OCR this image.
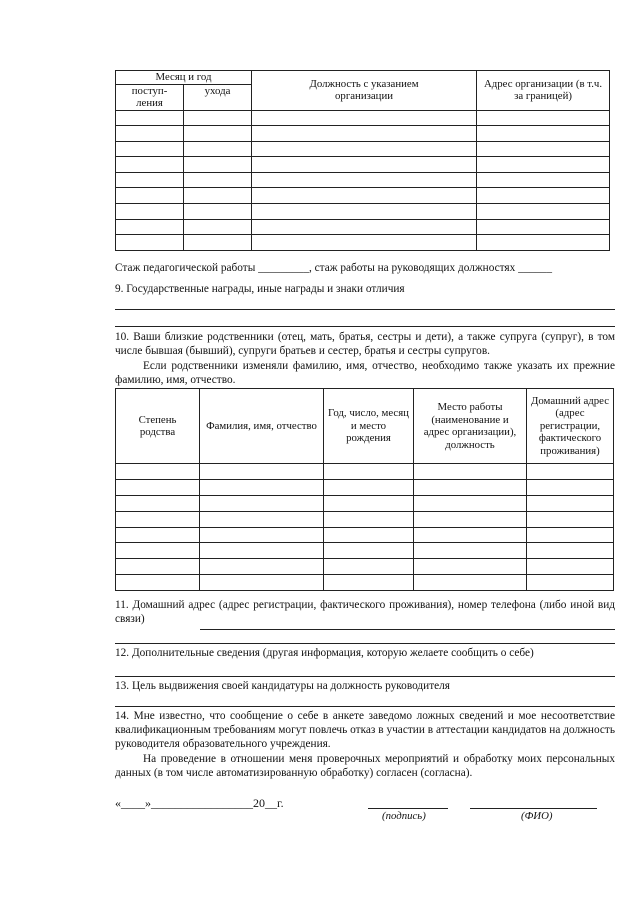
Месяц и год		Должность с указанием организации	Адрес организации (в т.ч. за границей)
поступ-ления	ухода		

Стаж педагогической работы _________, стаж работы на руководящих должностях ______
9. Государственные награды, иные награды и знаки отличия
10. Ваши близкие родственники (отец, мать, братья, сестры и дети), а также супруга (супруг), в том числе бывшая (бывший), супруги братьев и сестер, братья и сестры супругов.
Если родственники изменяли фамилию, имя, отчество, необходимо также указать их прежние фамилию, имя, отчество.
Степень родства	Фамилия, имя, отчество	Год, число, месяц и место рождения	Место работы (наименование и адрес организации), должность	Домашний адрес (адрес регистрации, фактического проживания)

11. Домашний адрес (адрес регистрации, фактического проживания), номер телефона (либо иной вид связи)
12. Дополнительные сведения (другая информация, которую желаете сообщить о себе)
13. Цель выдвижения своей кандидатуры на должность руководителя
14. Мне известно, что сообщение о себе в анкете заведомо ложных сведений и мое несоответствие квалификационным требованиям могут повлечь отказ в участии в аттестации кандидатов на должность руководителя образовательного учреждения.
На проведение в отношении меня проверочных мероприятий и обработку моих персональных данных (в том числе автоматизированную обработку) согласен (согласна).
«____»_________________20__г.
(подпись)	(ФИО)
